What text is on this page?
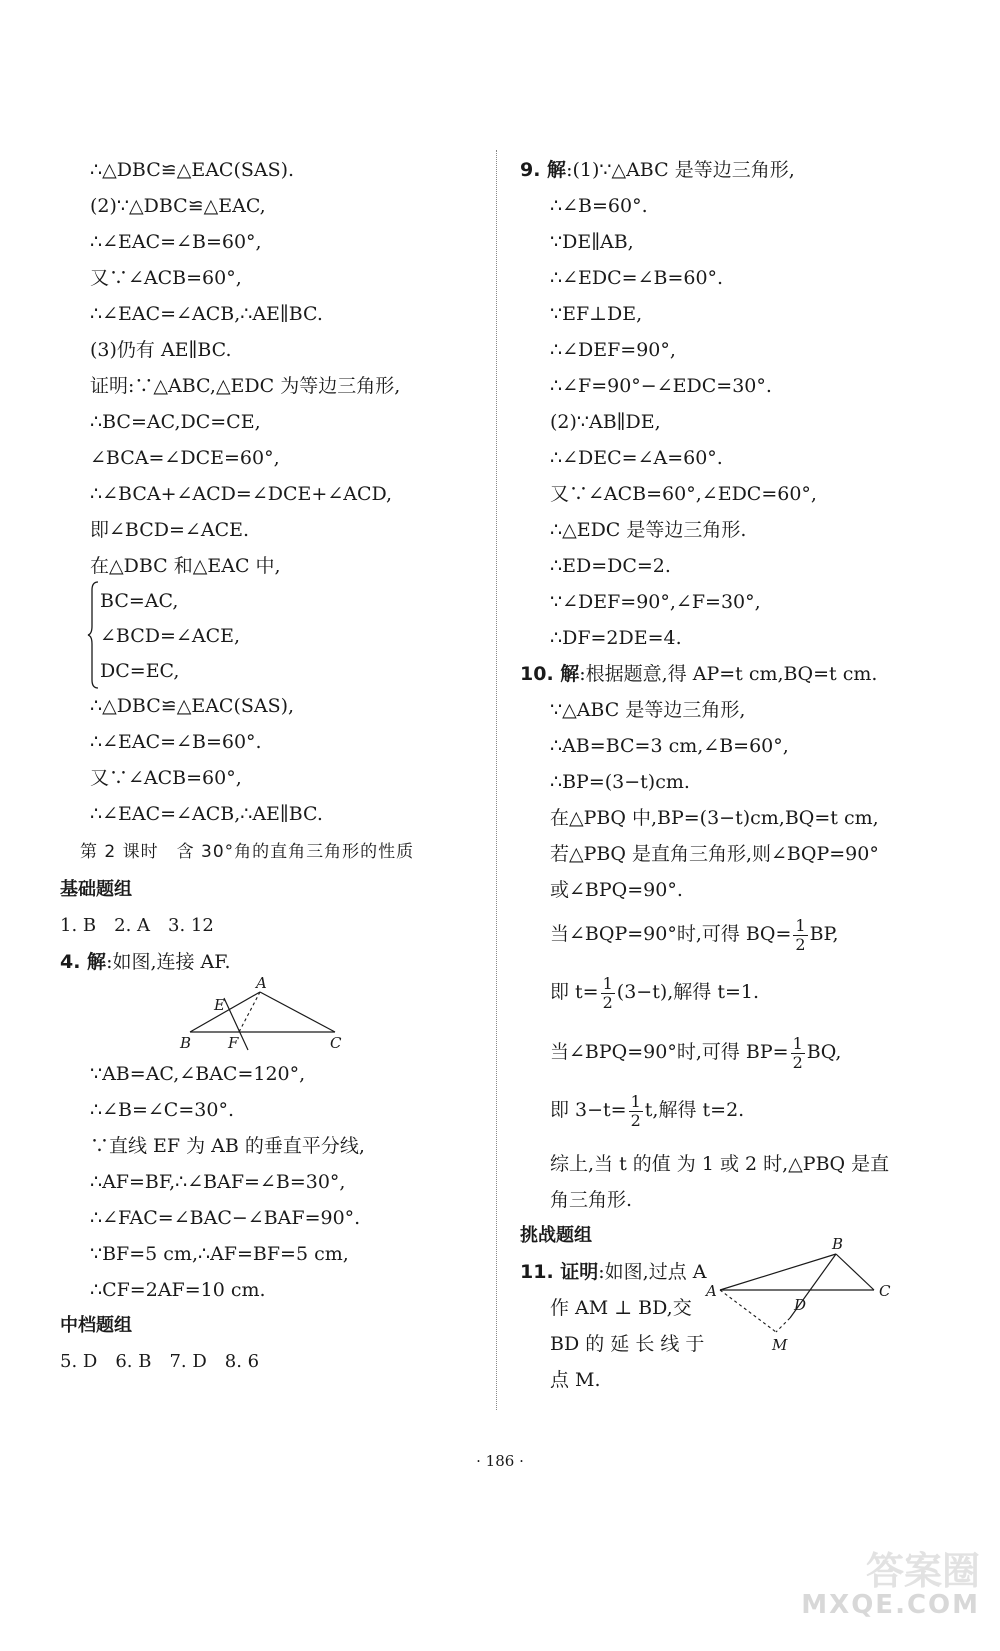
∴△DBC≌△EAC(SAS).
(2)∵△DBC≌△EAC,
∴∠EAC=∠B=60°,
又∵∠ACB=60°,
∴∠EAC=∠ACB,∴AE∥BC.
(3)仍有 AE∥BC.
证明:∵△ABC,△EDC 为等边三角形,
∴BC=AC,DC=CE,
∠BCA=∠DCE=60°,
∴∠BCA+∠ACD=∠DCE+∠ACD,
即∠BCD=∠ACE.
在△DBC 和△EAC 中,
BC=AC,
∠BCD=∠ACE,
DC=EC,
∴△DBC≌△EAC(SAS),
∴∠EAC=∠B=60°.
又∵∠ACB=60°,
∴∠EAC=∠ACB,∴AE∥BC.
第 2 课时　含 30°角的直角三角形的性质
基础题组
1. B　2. A　3. 12
4. 解:如图,连接 AF.
A
B	C
E
F
∵AB=AC,∠BAC=120°,
∴∠B=∠C=30°.
∵直线 EF 为 AB 的垂直平分线,
∴AF=BF,∴∠BAF=∠B=30°,
∴∠FAC=∠BAC−∠BAF=90°.
∵BF=5 cm,∴AF=BF=5 cm,
∴CF=2AF=10 cm.
中档题组
5. D　6. B　7. D　8. 6
9. 解:(1)∵△ABC 是等边三角形,
∴∠B=60°.
∵DE∥AB,
∴∠EDC=∠B=60°.
∵EF⊥DE,
∴∠DEF=90°,
∴∠F=90°−∠EDC=30°.
(2)∵AB∥DE,
∴∠DEC=∠A=60°.
又∵∠ACB=60°,∠EDC=60°,
∴△EDC 是等边三角形.
∴ED=DC=2.
∵∠DEF=90°,∠F=30°,
∴DF=2DE=4.
10. 解:根据题意,得 AP=t cm,BQ=t cm.
∵△ABC 是等边三角形,
∴AB=BC=3 cm,∠B=60°,
∴BP=(3−t)cm.
在△PBQ 中,BP=(3−t)cm,BQ=t cm,
若△PBQ 是直角三角形,则∠BQP=90°
或∠BPQ=90°.
当∠BQP=90°时,可得 $BQ= \frac{1}{2}$ BP,
即 $t= \frac{1}{2} (3-t)$,解得 t=1.
当∠BPQ=90°时,可得 $BP= \frac{1}{2}$ BQ,
即 $3-t= \frac{1}{2} t$,解得 t=2.
综上,当 t 的值 为 1 或 2 时,△PBQ 是直
角三角形.
挑战题组
11. 证明:如图,过点 A
作 AM ⊥ BD,交
BD 的 延 长 线 于
点 M.
B
A	C
D
M
· 186 ·
答案圈
MXQE.COM
